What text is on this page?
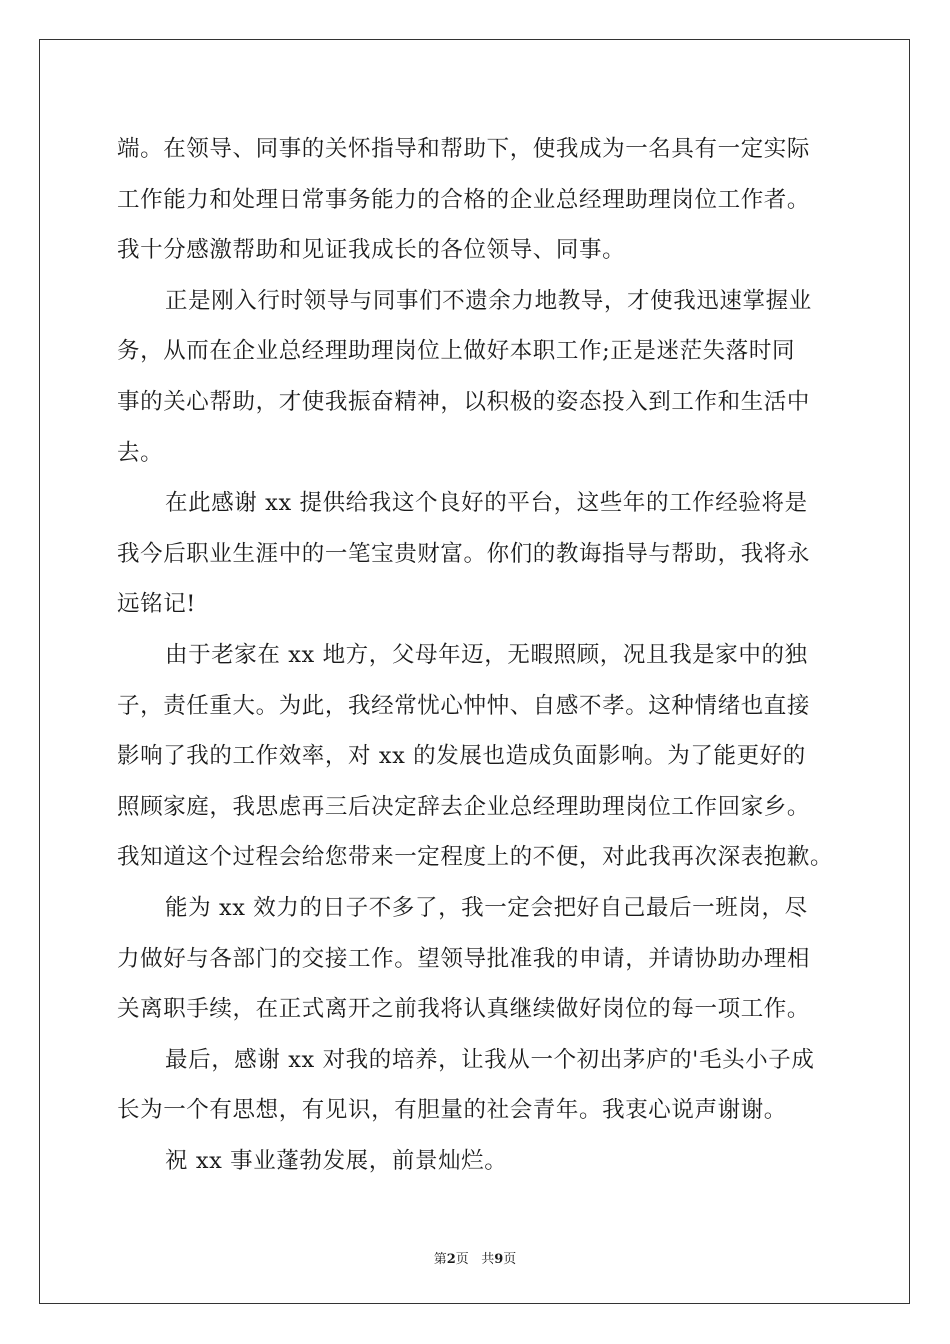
端。在领导、同事的关怀指导和帮助下，使我成为一名具有一定实际
工作能力和处理日常事务能力的合格的企业总经理助理岗位工作者。
我十分感激帮助和见证我成长的各位领导、同事。
正是刚入行时领导与同事们不遗余力地教导，才使我迅速掌握业
务，从而在企业总经理助理岗位上做好本职工作;正是迷茫失落时同
事的关心帮助，才使我振奋精神，以积极的姿态投入到工作和生活中
去。
在此感谢 xx 提供给我这个良好的平台，这些年的工作经验将是
我今后职业生涯中的一笔宝贵财富。你们的教诲指导与帮助，我将永
远铭记!
由于老家在 xx 地方，父母年迈，无暇照顾，况且我是家中的独
子，责任重大。为此，我经常忧心忡忡、自感不孝。这种情绪也直接
影响了我的工作效率，对 xx 的发展也造成负面影响。为了能更好的
照顾家庭，我思虑再三后决定辞去企业总经理助理岗位工作回家乡。
我知道这个过程会给您带来一定程度上的不便，对此我再次深表抱歉。
能为 xx 效力的日子不多了，我一定会把好自己最后一班岗，尽
力做好与各部门的交接工作。望领导批准我的申请，并请协助办理相
关离职手续，在正式离开之前我将认真继续做好岗位的每一项工作。
最后，感谢 xx 对我的培养，让我从一个初出茅庐的'毛头小子成
长为一个有思想，有见识，有胆量的社会青年。我衷心说声谢谢。
祝 xx 事业蓬勃发展，前景灿烂。
第2页 共9页
